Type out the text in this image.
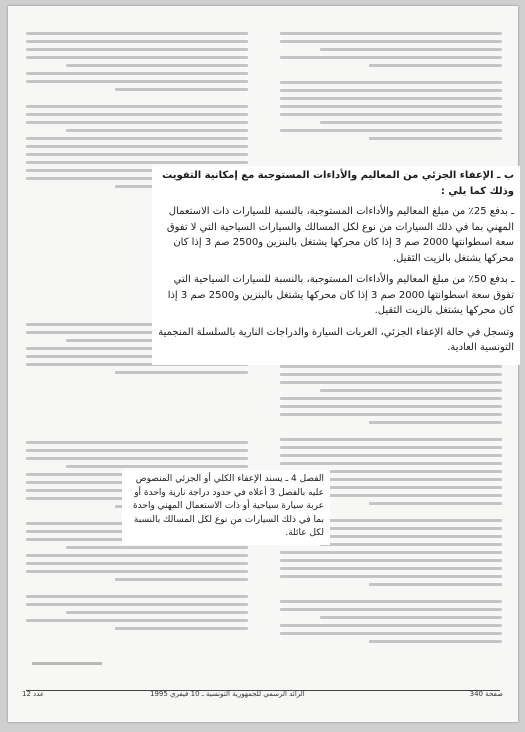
ب ـ الإعفاء الجزئي من المعاليم والأداءات المستوجبة مع إمكانية التفويت وذلك كما يلي :

ـ بدفع 25٪ من مبلغ المعاليم والأداءات المستوجبة، بالنسبة للسيارات ذات الاستعمال المهني بما في ذلك السيارات من نوع لكل المسالك والسيارات السياحية التي لا تفوق سعة اسطوانتها 2000 صم 3 إذا كان محركها يشتغل بالبنزين و2500 صم 3 إذا كان محركها يشتغل بالزيت الثقيل.

ـ بدفع 50٪ من مبلغ المعاليم والأداءات المستوجبة، بالنسبة للسيارات السياحية التي تفوق سعة اسطوانتها 2000 صم 3 إذا كان محركها يشتغل بالبنزين و2500 صم 3 إذا كان محركها يشتغل بالزيت الثقيل.

وتسجل في حالة الإعفاء الجزئي، العربات السيارة والدراجات النارية بالسلسلة المنجمية التونسية العادية.

الفصل 4 ـ يسند الإعفاء الكلي أو الجزئي المنصوص عليه بالفصل 3 أعلاه في حدود دراجة نارية واحدة أو عربة سيارة سياحية أو ذات الاستعمال المهني واحدة بما في ذلك السيارات من نوع لكل المسالك بالنسبة لكل عائلة.
صفحة 340
الرائد الرسمي للجمهورية التونسية ـ 10 فيفري 1995
عدد 12
